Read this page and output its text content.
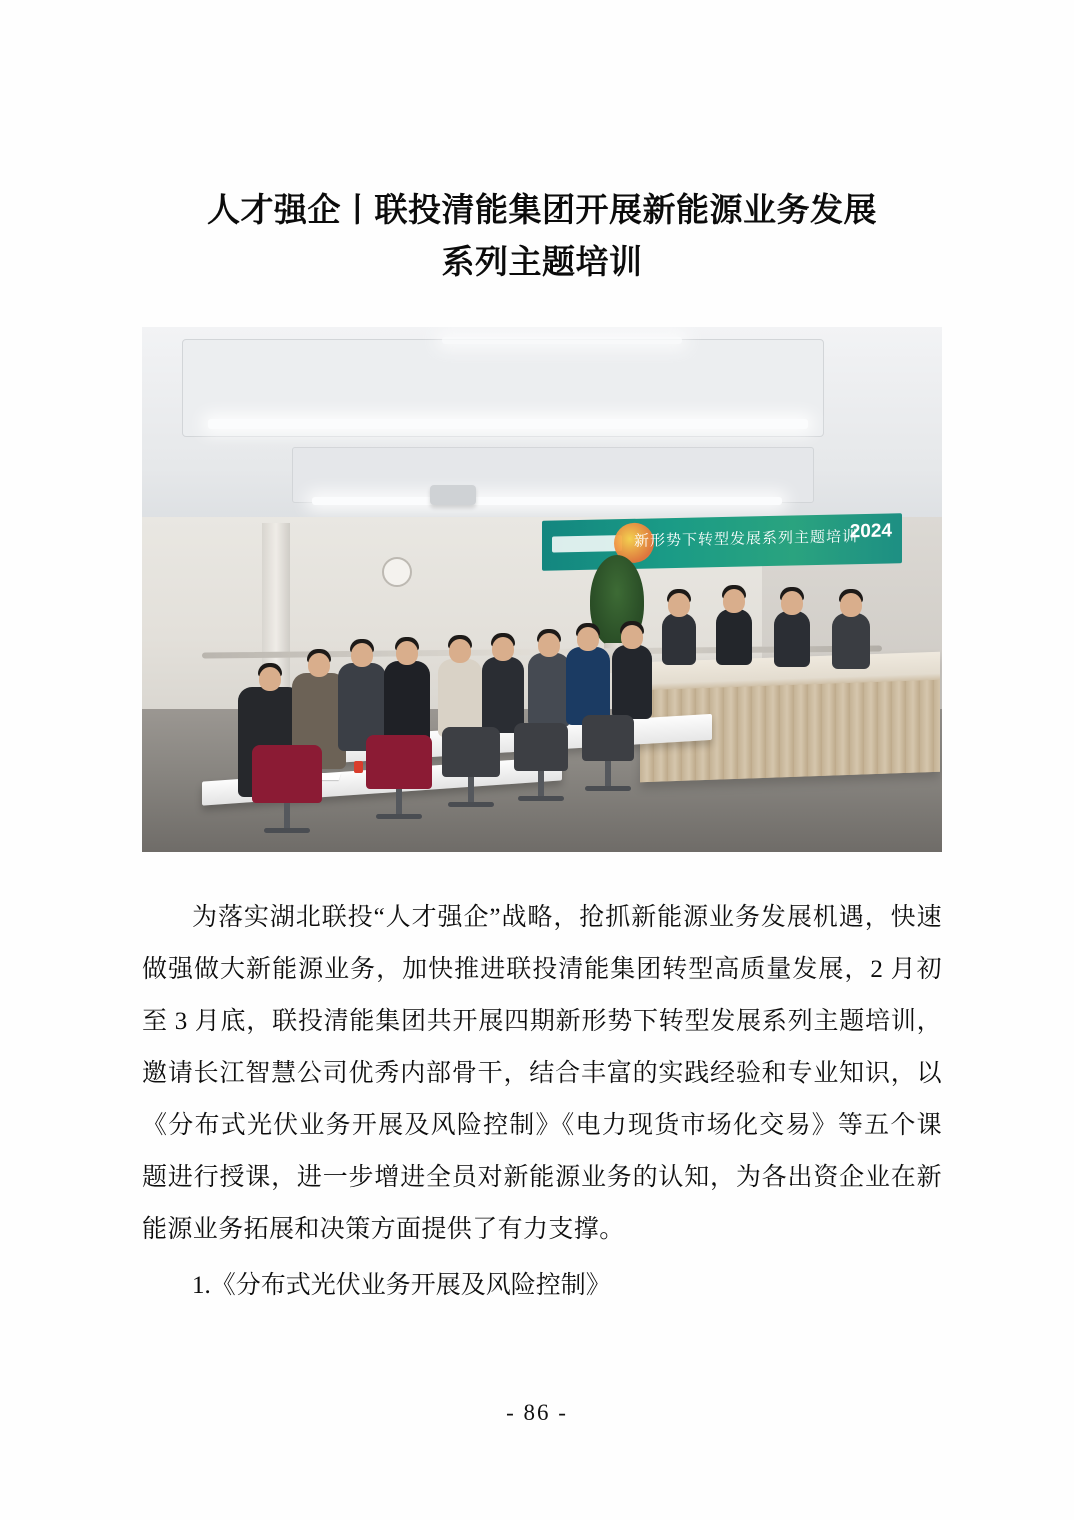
人才强企丨联投清能集团开展新能源业务发展
系列主题培训
新形势下转型发展系列主题培训
2024

为落实湖北联投“人才强企”战略，抢抓新能源业务发展机遇，快速做强做大新能源业务，加快推进联投清能集团转型高质量发展，2 月初至 3 月底，联投清能集团共开展四期新形势下转型发展系列主题培训，邀请长江智慧公司优秀内部骨干，结合丰富的实践经验和专业知识，以《分布式光伏业务开展及风险控制》《电力现货市场化交易》等五个课题进行授课，进一步增进全员对新能源业务的认知，为各出资企业在新能源业务拓展和决策方面提供了有力支撑。

1.《分布式光伏业务开展及风险控制》
- 86 -
